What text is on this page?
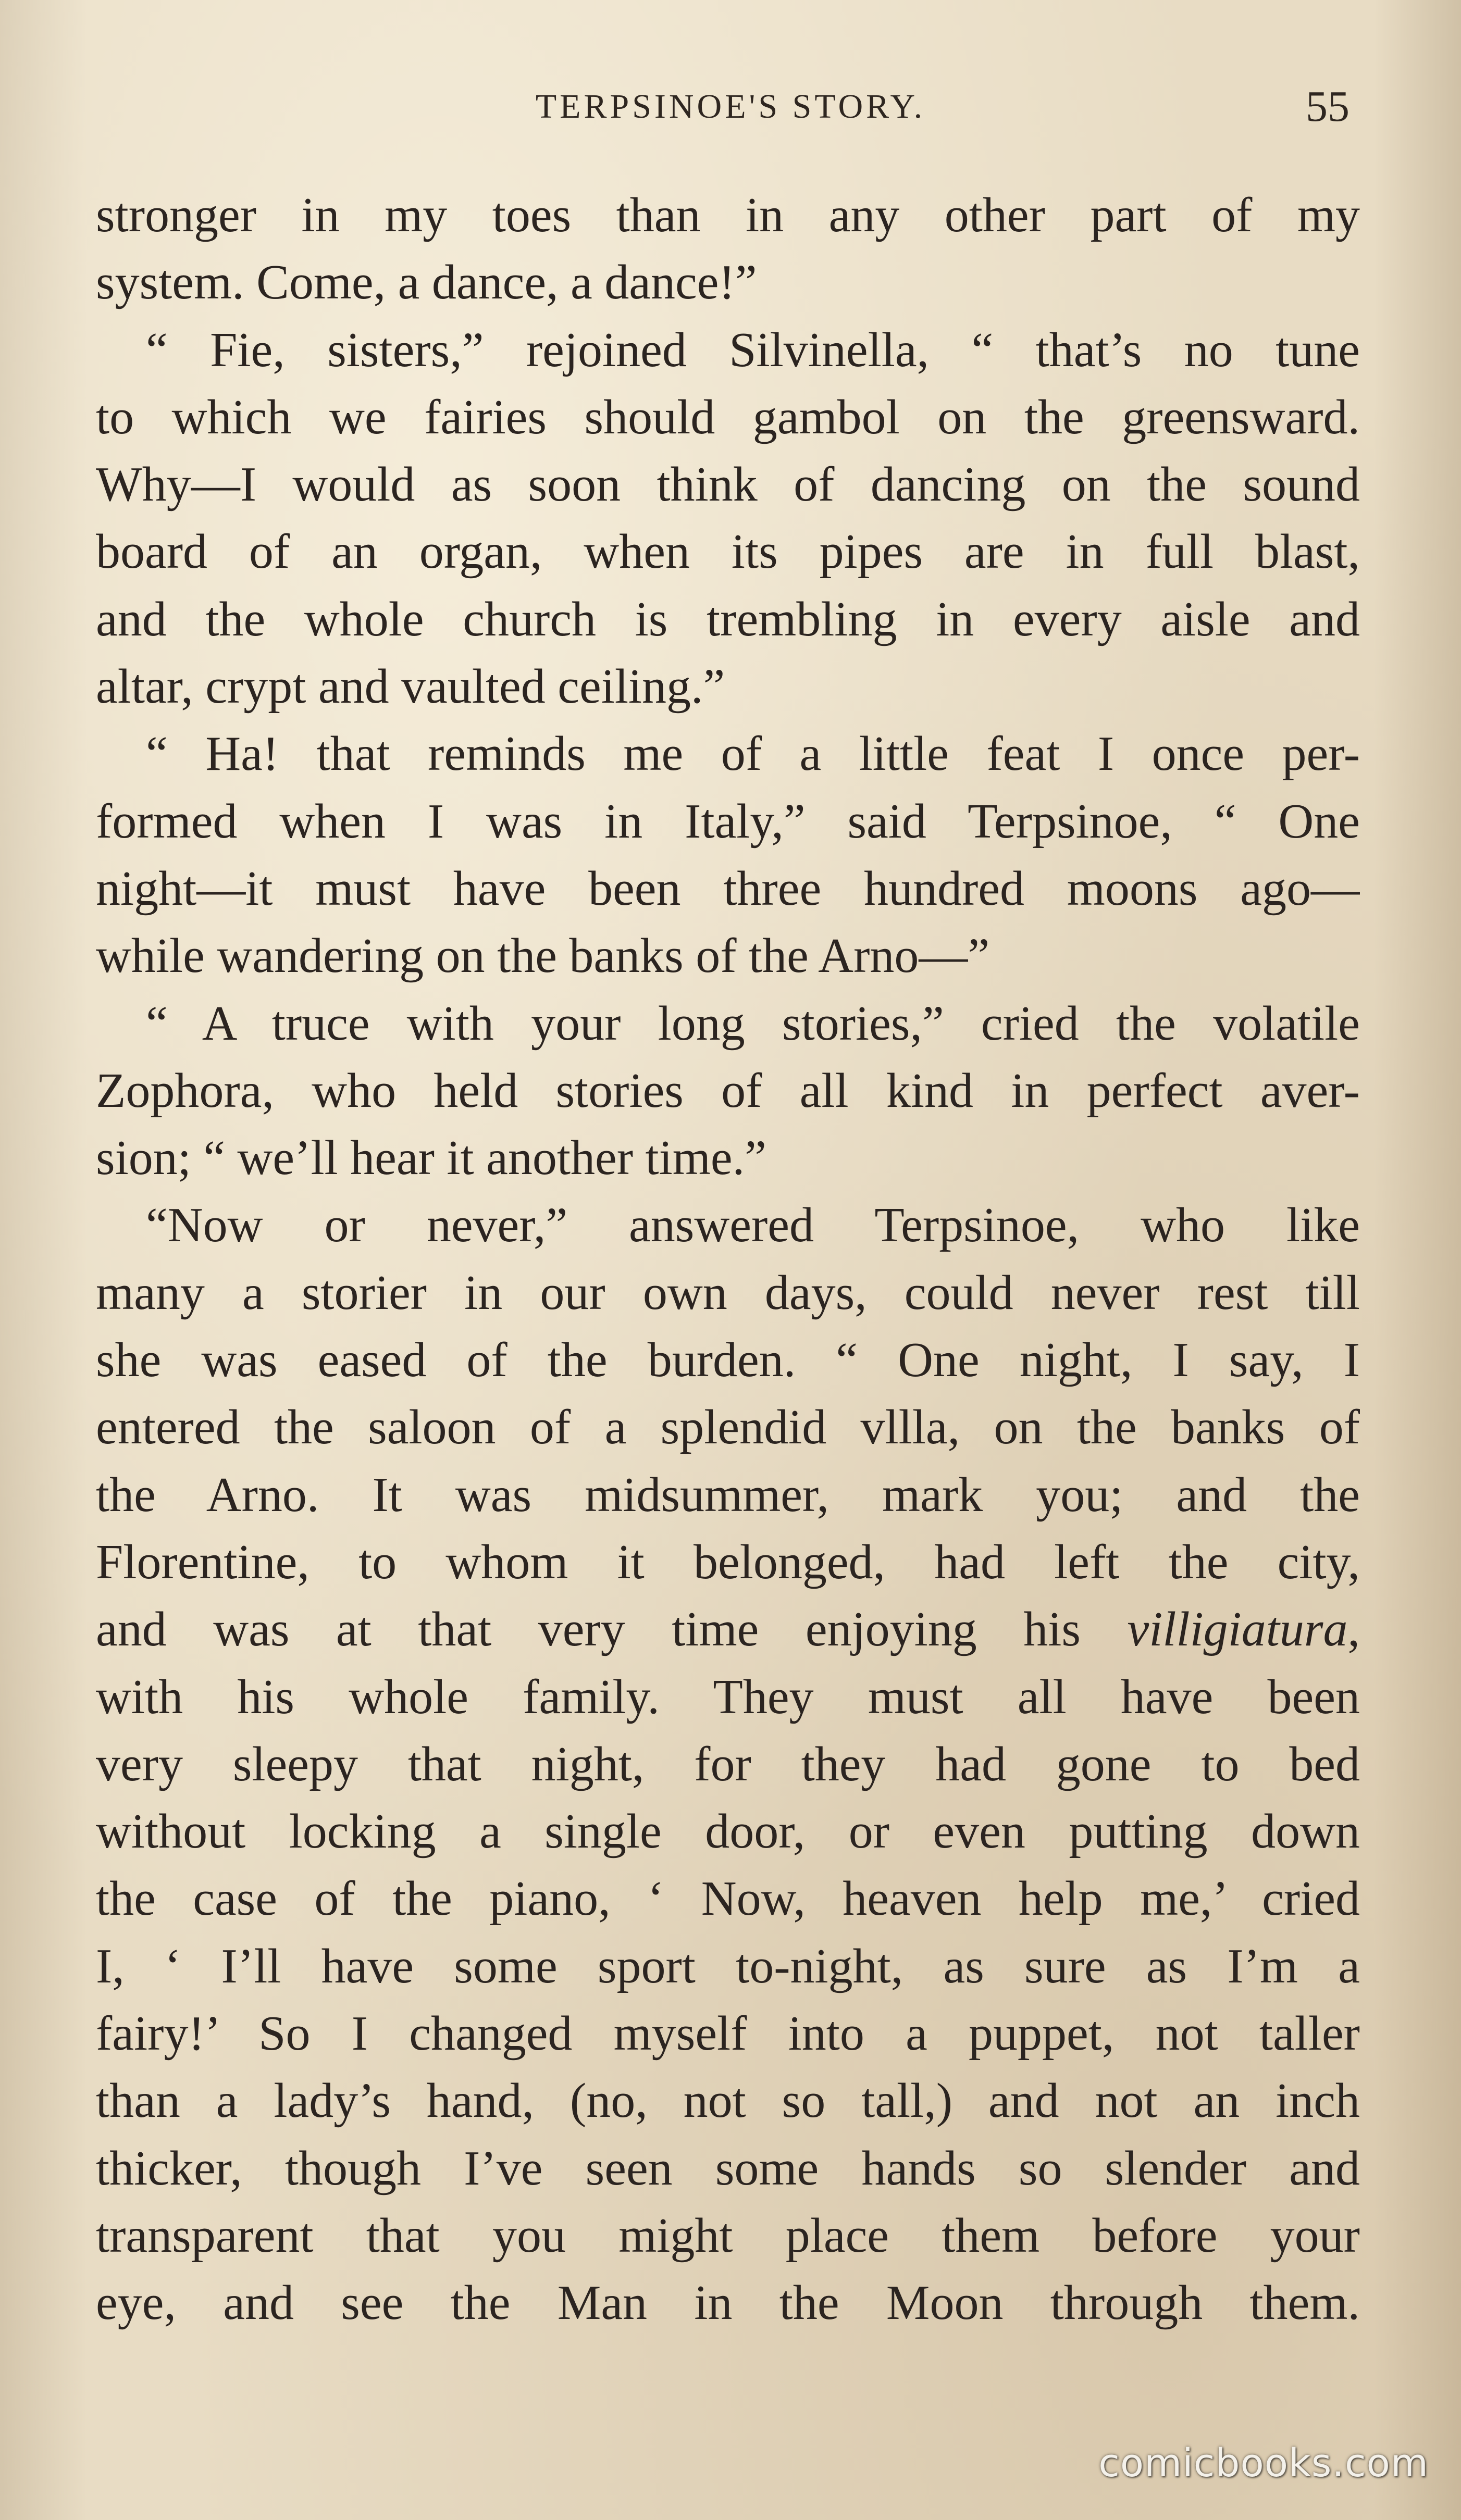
TERPSINOE'S STORY.	55
stronger in my toes than in any other part of my
system. Come, a dance, a dance!”
“ Fie, sisters,” rejoined Silvinella, “ that’s no tune
to which we fairies should gambol on the greensward.
Why—I would as soon think of dancing on the sound
board of an organ, when its pipes are in full blast,
and the whole church is trembling in every aisle and
altar, crypt and vaulted ceiling.”
“ Ha! that reminds me of a little feat I once per-
formed when I was in Italy,” said Terpsinoe, “ One
night—it must have been three hundred moons ago—
while wandering on the banks of the Arno—”
“ A truce with your long stories,” cried the volatile
Zophora, who held stories of all kind in perfect aver-
sion; “ we’ll hear it another time.”
“Now or never,” answered Terpsinoe, who like
many a storier in our own days, could never rest till
she was eased of the burden. “ One night, I say, I
entered the saloon of a splendid vllla, on the banks of
the Arno. It was midsummer, mark you; and the
Florentine, to whom it belonged, had left the city,
and was at that very time enjoying his villigiatura,
with his whole family. They must all have been
very sleepy that night, for they had gone to bed
without locking a single door, or even putting down
the case of the piano, ‘ Now, heaven help me,’ cried
I, ‘ I’ll have some sport to-night, as sure as I’m a
fairy!’ So I changed myself into a puppet, not taller
than a lady’s hand, (no, not so tall,) and not an inch
thicker, though I’ve seen some hands so slender and
transparent that you might place them before your
eye, and see the Man in the Moon through them.
comicbooks.com
